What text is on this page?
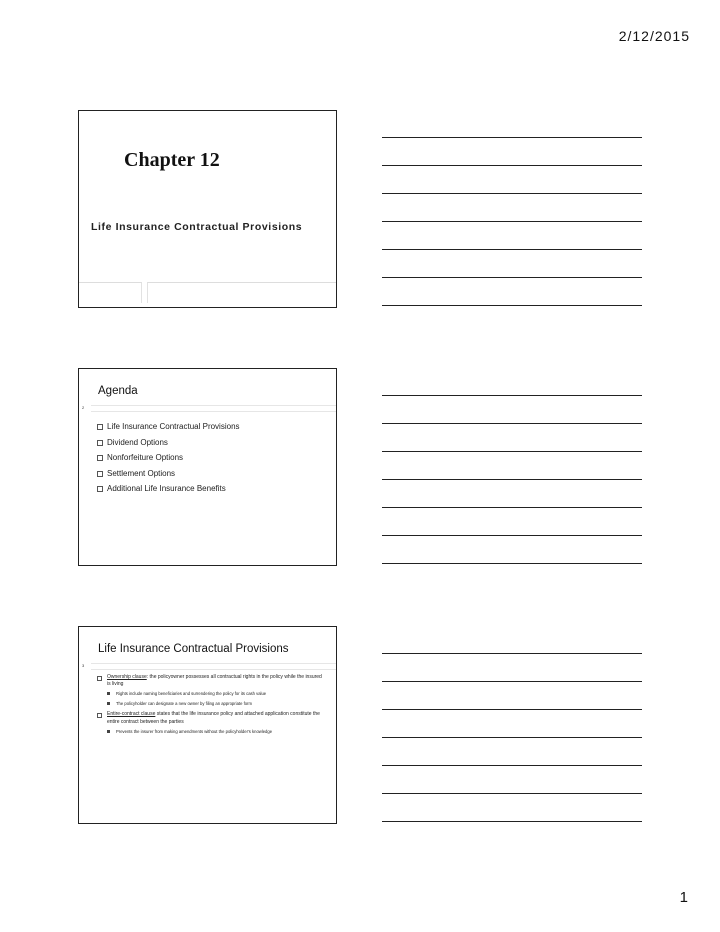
2/12/2015
Chapter 12
Life Insurance Contractual Provisions
Agenda
2
Life Insurance Contractual Provisions
Dividend Options
Nonforfeiture Options
Settlement Options
Additional Life Insurance Benefits
Life Insurance Contractual Provisions
3
Ownership clause: the policyowner possesses all contractual rights in the policy while the insured is living
Rights include naming beneficiaries and surrendering the policy for its cash value
The policyholder can designate a new owner by filing an appropriate form
Entire-contract clause states that the life insurance policy and attached application constitute the entire contract between the parties
Prevents the insurer from making amendments without the policyholder's knowledge
1
